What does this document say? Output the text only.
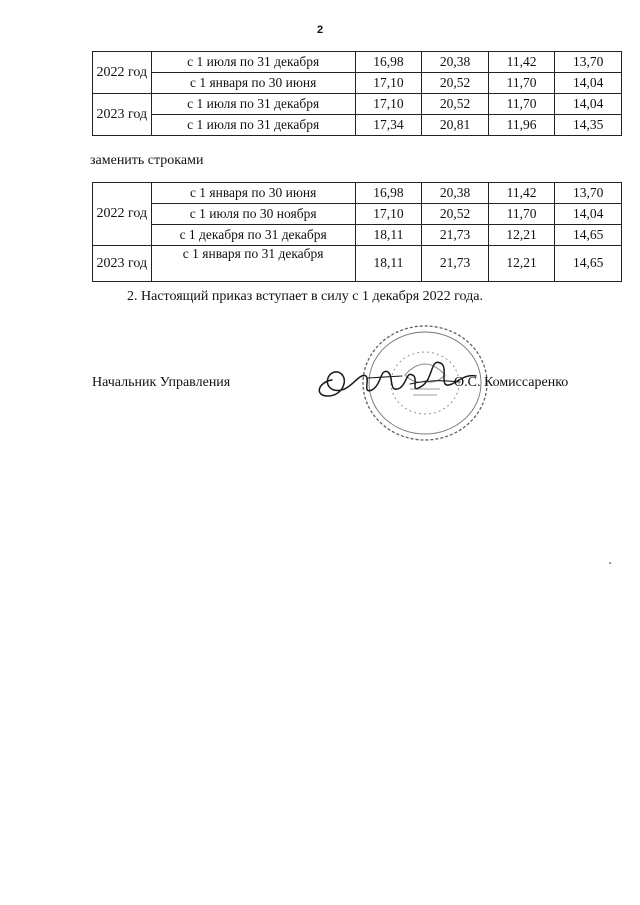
2
2022 год	с 1 июля по 31 декабря	16,98	20,38	11,42	13,70
	с 1 января по 30 июня	17,10	20,52	11,70	14,04
2023 год	с 1 июля по 31 декабря	17,10	20,52	11,70	14,04
	с 1 июля по 31 декабря	17,34	20,81	11,96	14,35
заменить строками
2022 год	с 1 января по 30 июня	16,98	20,38	11,42	13,70
	с 1 июля по 30 ноября	17,10	20,52	11,70	14,04
	с 1 декабря по 31 декабря	18,11	21,73	12,21	14,65
2023 год	с 1 января по 31 декабря	18,11	21,73	12,21	14,65
2. Настоящий приказ вступает в силу с 1 декабря 2022 года.
Начальник Управления	О.С. Комиссаренко
